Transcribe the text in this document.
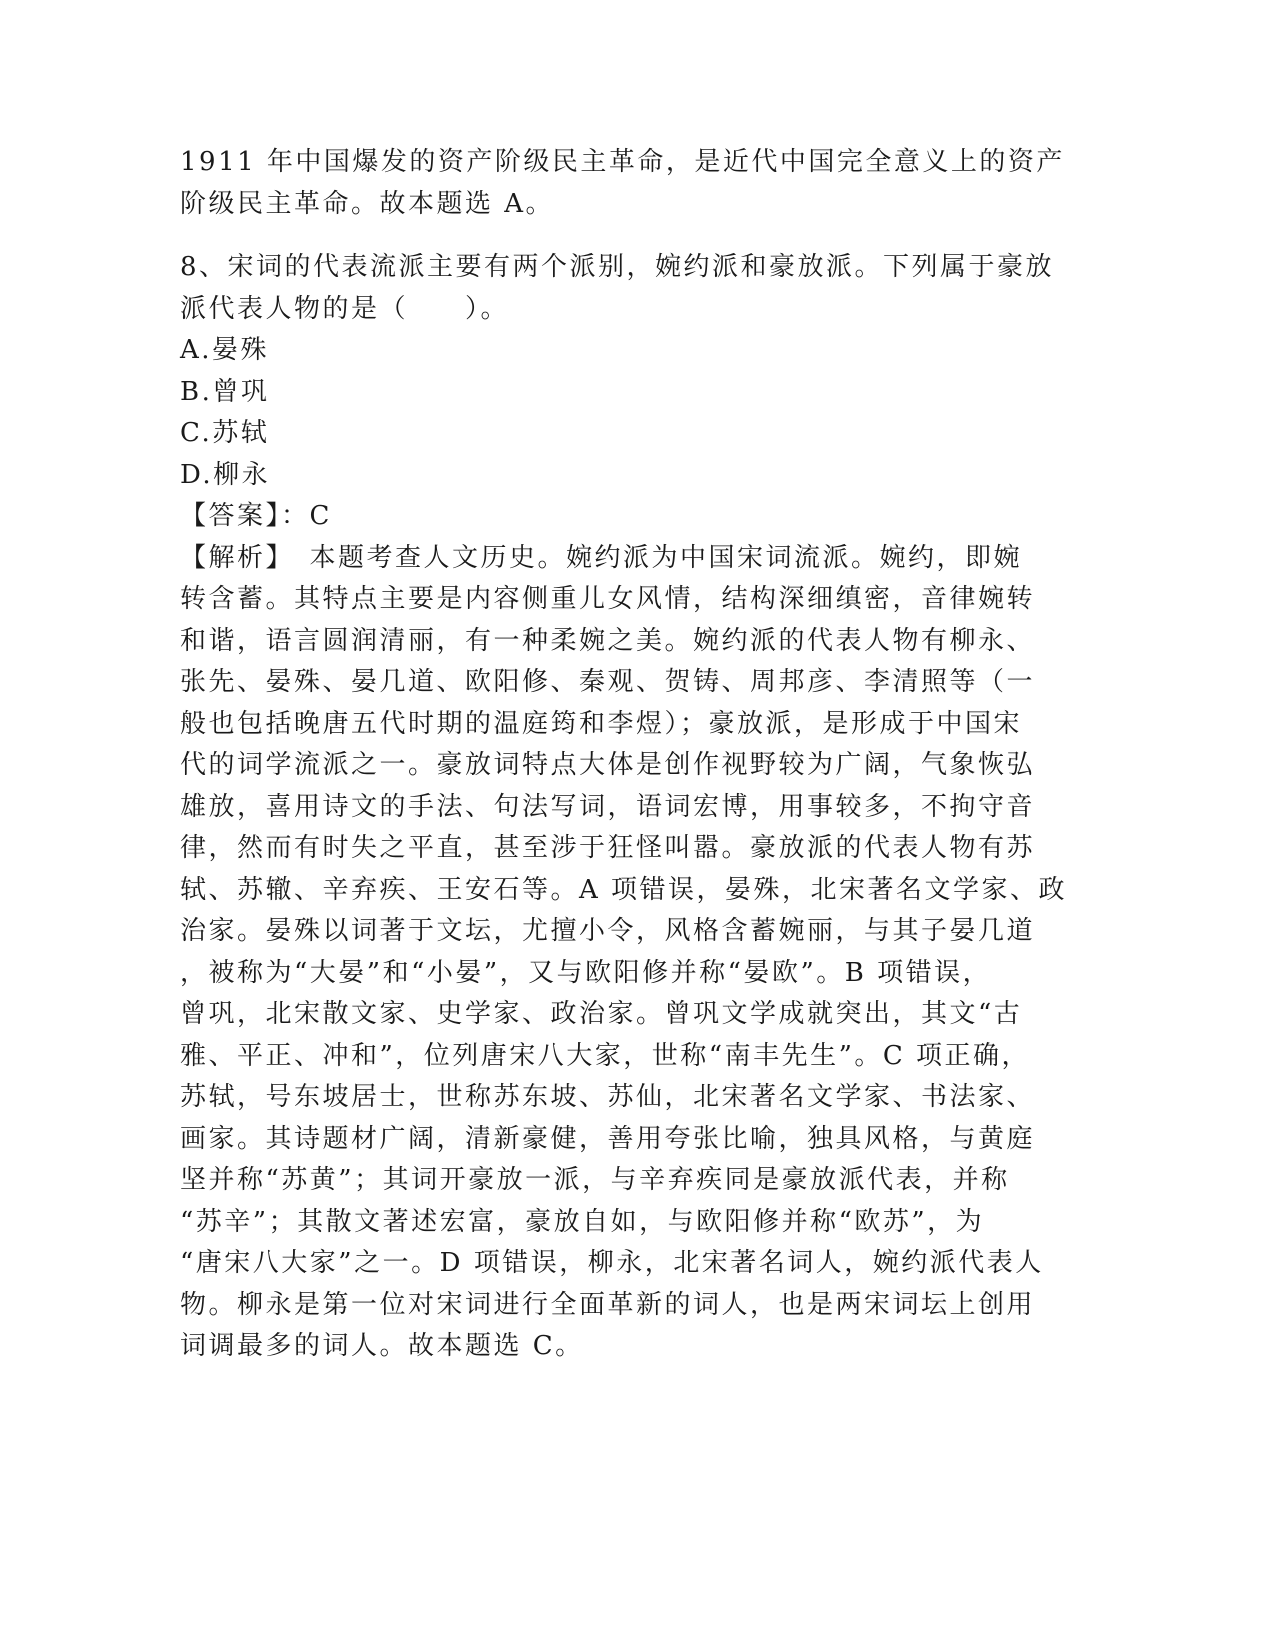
1911 年中国爆发的资产阶级民主革命，是近代中国完全意义上的资产
阶级民主革命。故本题选 A。
8、宋词的代表流派主要有两个派别，婉约派和豪放派。下列属于豪放
派代表人物的是（　　）。
A.晏殊
B.曾巩
C.苏轼
D.柳永
【答案】：C
【解析】　本题考查人文历史。婉约派为中国宋词流派。婉约，即婉
转含蓄。其特点主要是内容侧重儿女风情，结构深细缜密，音律婉转
和谐，语言圆润清丽，有一种柔婉之美。婉约派的代表人物有柳永、
张先、晏殊、晏几道、欧阳修、秦观、贺铸、周邦彦、李清照等（一
般也包括晚唐五代时期的温庭筠和李煜）；豪放派，是形成于中国宋
代的词学流派之一。豪放词特点大体是创作视野较为广阔，气象恢弘
雄放，喜用诗文的手法、句法写词，语词宏博，用事较多，不拘守音
律，然而有时失之平直，甚至涉于狂怪叫嚣。豪放派的代表人物有苏
轼、苏辙、辛弃疾、王安石等。A 项错误，晏殊，北宋著名文学家、政
治家。晏殊以词著于文坛，尤擅小令，风格含蓄婉丽，与其子晏几道
，被称为“大晏”和“小晏”，又与欧阳修并称“晏欧”。B 项错误，
曾巩，北宋散文家、史学家、政治家。曾巩文学成就突出，其文“古
雅、平正、冲和”，位列唐宋八大家，世称“南丰先生”。C 项正确，
苏轼，号东坡居士，世称苏东坡、苏仙，北宋著名文学家、书法家、
画家。其诗题材广阔，清新豪健，善用夸张比喻，独具风格，与黄庭
坚并称“苏黄”；其词开豪放一派，与辛弃疾同是豪放派代表，并称
“苏辛”；其散文著述宏富，豪放自如，与欧阳修并称“欧苏”，为
“唐宋八大家”之一。D 项错误，柳永，北宋著名词人，婉约派代表人
物。柳永是第一位对宋词进行全面革新的词人，也是两宋词坛上创用
词调最多的词人。故本题选 C。
